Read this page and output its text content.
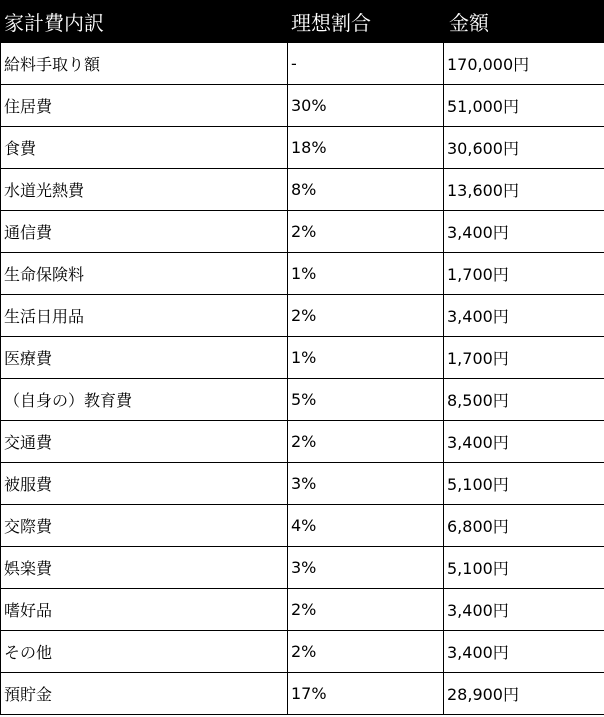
家計費内訳	理想割合	金額
給料手取り額	-	170,000円
住居費	30%	51,000円
食費	18%	30,600円
水道光熱費	8%	13,600円
通信費	2%	3,400円
生命保険料	1%	1,700円
生活日用品	2%	3,400円
医療費	1%	1,700円
（自身の）教育費	5%	8,500円
交通費	2%	3,400円
被服費	3%	5,100円
交際費	4%	6,800円
娯楽費	3%	5,100円
嗜好品	2%	3,400円
その他	2%	3,400円
預貯金	17%	28,900円
